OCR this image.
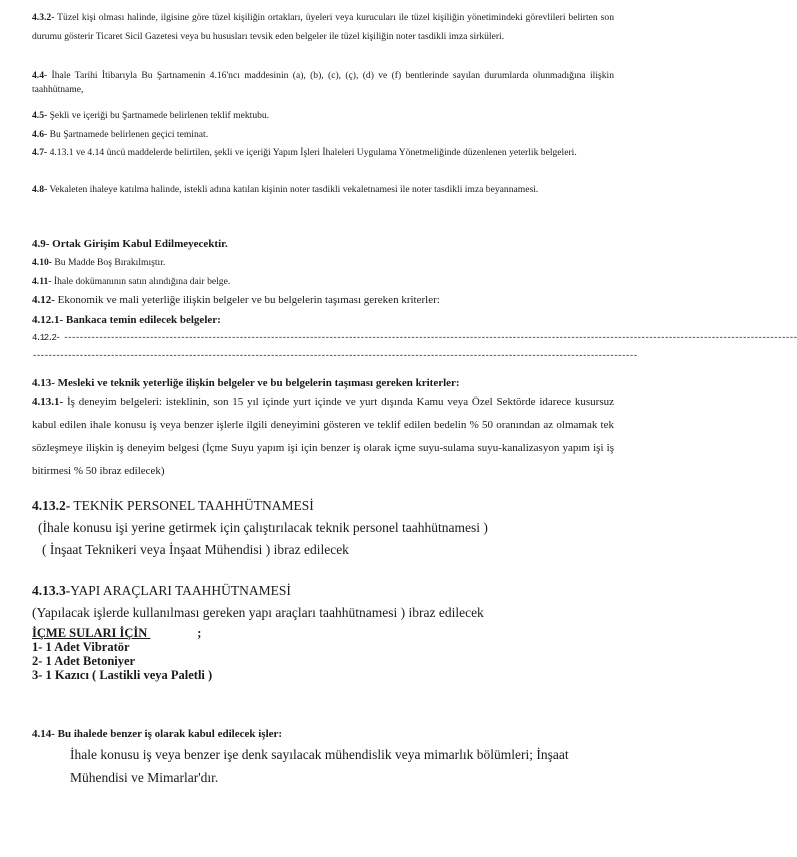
4.3.2- Tüzel kişi olması halinde, ilgisine göre tüzel kişiliğin ortakları, üyeleri veya kurucuları ile tüzel kişiliğin yönetimindeki görevlileri belirten son durumu gösterir Ticaret Sicil Gazetesi veya bu hususları tevsik eden belgeler ile tüzel kişiliğin noter tasdikli imza sirküleri.
4.4- İhale Tarihi İtibarıyla Bu Şartnamenin 4.16'ncı maddesinin (a), (b), (c), (ç), (d) ve (f) bentlerinde sayılan durumlarda olunmadığına ilişkin taahhütname,
4.5- Şekli ve içeriği bu Şartnamede belirlenen teklif mektubu.
4.6- Bu Şartnamede belirlenen geçici teminat.
4.7- 4.13.1 ve 4.14 üncü maddelerde belirtilen, şekli ve içeriği Yapım İşleri İhaleleri Uygulama Yönetmeliğinde düzenlenen yeterlik belgeleri.
4.8- Vekaleten ihaleye katılma halinde, istekli adına katılan kişinin noter tasdikli vekaletnamesi ile noter tasdikli imza beyannamesi.
4.9- Ortak Girişim Kabul Edilmeyecektir.
4.10- Bu Madde Boş Bırakılmıştır.
4.11- İhale dokümanının satın alındığına dair belge.
4.12- Ekonomik ve mali yeterliğe ilişkin belgeler ve bu belgelerin taşıması gereken kriterler:
4.12.1- Bankaca temin edilecek belgeler:
4.12.2- --------------------------------------------------------------------------------------------------------------------------------------------------------------------------------------------
-----------------------------------------------------------------------------------------------------------------------------------------------------------
4.13- Mesleki ve teknik yeterliğe ilişkin belgeler ve bu belgelerin taşıması gereken kriterler:
4.13.1- İş deneyim belgeleri: isteklinin, son 15 yıl içinde yurt içinde ve yurt dışında Kamu veya Özel Sektörde idarece kusursuz kabul edilen ihale konusu iş veya benzer işlerle ilgili deneyimini gösteren ve teklif edilen bedelin % 50 oranından az olmamak tek sözleşmeye ilişkin iş deneyim belgesi (İçme Suyu yapım işi için benzer iş olarak içme suyu-sulama suyu-kanalizasyon yapım işi iş bitirmesi % 50 ibraz edilecek)
4.13.2- TEKNİK PERSONEL TAAHHÜTNAMESİ
(İhale konusu işi yerine getirmek için çalıştırılacak teknik personel taahhütnamesi )
( İnşaat Teknikeri veya İnşaat Mühendisi ) ibraz edilecek
4.13.3-YAPI ARAÇLARI TAAHHÜTNAMESİ
(Yapılacak işlerde kullanılması gereken yapı araçları taahhütnamesi ) ibraz edilecek
İÇME SULARI İÇİN	;
1- 1 Adet Vibratör
2- 1 Adet Betoniyer
3- 1 Kazıcı ( Lastikli veya Paletli )
4.14- Bu ihalede benzer iş olarak kabul edilecek işler:
İhale konusu iş veya benzer işe denk sayılacak mühendislik veya mimarlık bölümleri; İnşaat Mühendisi ve Mimarlar'dır.
